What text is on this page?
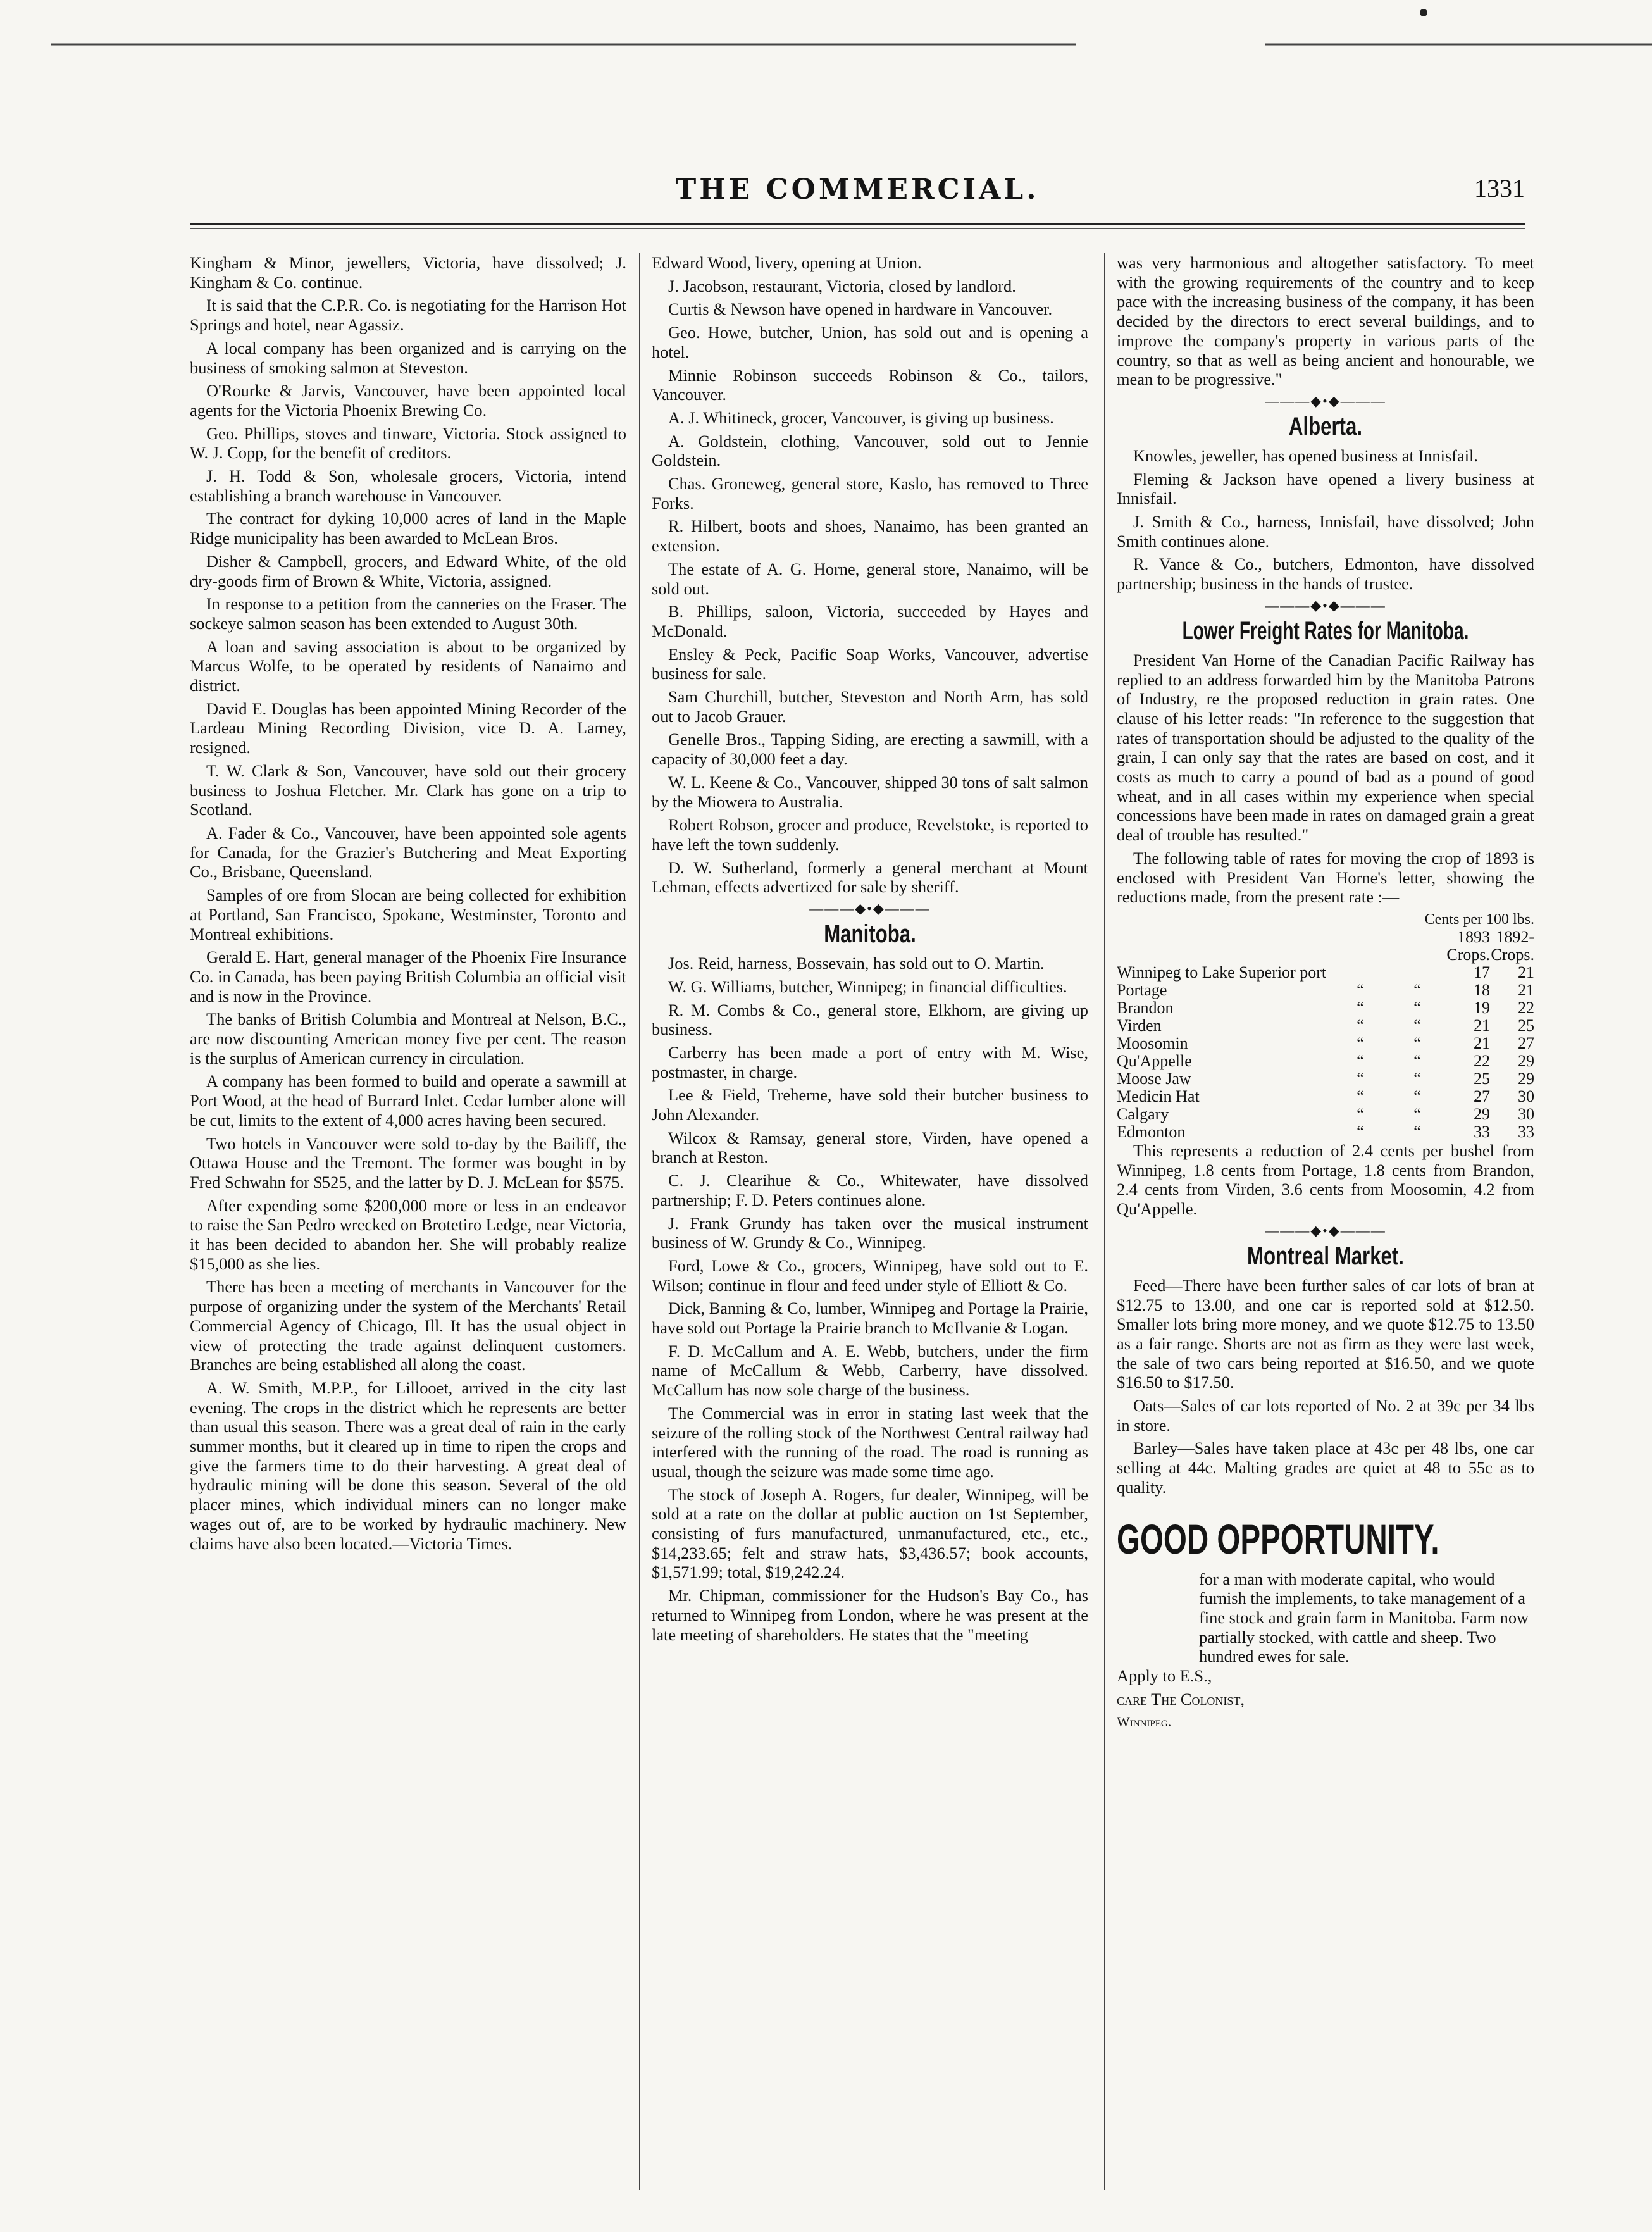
THE COMMERCIAL.	1331

Kingham & Minor, jewellers, Victoria, have dissolved; J. Kingham & Co. continue.

It is said that the C.P.R. Co. is negotiating for the Harrison Hot Springs and hotel, near Agassiz.

A local company has been organized and is carrying on the business of smoking salmon at Steveston.

O'Rourke & Jarvis, Vancouver, have been appointed local agents for the Victoria Phoenix Brewing Co.

Geo. Phillips, stoves and tinware, Victoria. Stock assigned to W. J. Copp, for the benefit of creditors.

J. H. Todd & Son, wholesale grocers, Victoria, intend establishing a branch warehouse in Vancouver.

The contract for dyking 10,000 acres of land in the Maple Ridge municipality has been awarded to McLean Bros.

Disher & Campbell, grocers, and Edward White, of the old dry-goods firm of Brown & White, Victoria, assigned.

In response to a petition from the canneries on the Fraser. The sockeye salmon season has been extended to August 30th.

A loan and saving association is about to be organized by Marcus Wolfe, to be operated by residents of Nanaimo and district.

David E. Douglas has been appointed Mining Recorder of the Lardeau Mining Recording Division, vice D. A. Lamey, resigned.

T. W. Clark & Son, Vancouver, have sold out their grocery business to Joshua Fletcher. Mr. Clark has gone on a trip to Scotland.

A. Fader & Co., Vancouver, have been appointed sole agents for Canada, for the Grazier's Butchering and Meat Exporting Co., Brisbane, Queensland.

Samples of ore from Slocan are being collected for exhibition at Portland, San Francisco, Spokane, Westminster, Toronto and Montreal exhibitions.

Gerald E. Hart, general manager of the Phoenix Fire Insurance Co. in Canada, has been paying British Columbia an official visit and is now in the Province.

The banks of British Columbia and Montreal at Nelson, B.C., are now discounting American money five per cent. The reason is the surplus of American currency in circulation.

A company has been formed to build and operate a sawmill at Port Wood, at the head of Burrard Inlet. Cedar lumber alone will be cut, limits to the extent of 4,000 acres having been secured.

Two hotels in Vancouver were sold to-day by the Bailiff, the Ottawa House and the Tremont. The former was bought in by Fred Schwahn for $525, and the latter by D. J. McLean for $575.

After expending some $200,000 more or less in an endeavor to raise the San Pedro wrecked on Brotetiro Ledge, near Victoria, it has been decided to abandon her. She will probably realize $15,000 as she lies.

There has been a meeting of merchants in Vancouver for the purpose of organizing under the system of the Merchants' Retail Commercial Agency of Chicago, Ill. It has the usual object in view of protecting the trade against delinquent customers. Branches are being established all along the coast.

A. W. Smith, M.P.P., for Lillooet, arrived in the city last evening. The crops in the district which he represents are better than usual this season. There was a great deal of rain in the early summer months, but it cleared up in time to ripen the crops and give the farmers time to do their harvesting. A great deal of hydraulic mining will be done this season. Several of the old placer mines, which individual miners can no longer make wages out of, are to be worked by hydraulic machinery. New claims have also been located.—Victoria Times.

Edward Wood, livery, opening at Union.

J. Jacobson, restaurant, Victoria, closed by landlord.

Curtis & Newson have opened in hardware in Vancouver.

Geo. Howe, butcher, Union, has sold out and is opening a hotel.

Minnie Robinson succeeds Robinson & Co., tailors, Vancouver.

A. J. Whitineck, grocer, Vancouver, is giving up business.

A. Goldstein, clothing, Vancouver, sold out to Jennie Goldstein.

Chas. Groneweg, general store, Kaslo, has removed to Three Forks.

R. Hilbert, boots and shoes, Nanaimo, has been granted an extension.

The estate of A. G. Horne, general store, Nanaimo, will be sold out.

B. Phillips, saloon, Victoria, succeeded by Hayes and McDonald.

Ensley & Peck, Pacific Soap Works, Vancouver, advertise business for sale.

Sam Churchill, butcher, Steveston and North Arm, has sold out to Jacob Grauer.

Genelle Bros., Tapping Siding, are erecting a sawmill, with a capacity of 30,000 feet a day.

W. L. Keene & Co., Vancouver, shipped 30 tons of salt salmon by the Miowera to Australia.

Robert Robson, grocer and produce, Revelstoke, is reported to have left the town suddenly.

D. W. Sutherland, formerly a general merchant at Mount Lehman, effects advertized for sale by sheriff.

———◆•◆———
Manitoba.

Jos. Reid, harness, Bossevain, has sold out to O. Martin.

W. G. Williams, butcher, Winnipeg; in financial difficulties.

R. M. Combs & Co., general store, Elkhorn, are giving up business.

Carberry has been made a port of entry with M. Wise, postmaster, in charge.

Lee & Field, Treherne, have sold their butcher business to John Alexander.

Wilcox & Ramsay, general store, Virden, have opened a branch at Reston.

C. J. Clearihue & Co., Whitewater, have dissolved partnership; F. D. Peters continues alone.

J. Frank Grundy has taken over the musical instrument business of W. Grundy & Co., Winnipeg.

Ford, Lowe & Co., grocers, Winnipeg, have sold out to E. Wilson; continue in flour and feed under style of Elliott & Co.

Dick, Banning & Co, lumber, Winnipeg and Portage la Prairie, have sold out Portage la Prairie branch to McIlvanie & Logan.

F. D. McCallum and A. E. Webb, butchers, under the firm name of McCallum & Webb, Carberry, have dissolved. McCallum has now sole charge of the business.

The Commercial was in error in stating last week that the seizure of the rolling stock of the Northwest Central railway had interfered with the running of the road. The road is running as usual, though the seizure was made some time ago.

The stock of Joseph A. Rogers, fur dealer, Winnipeg, will be sold at a rate on the dollar at public auction on 1st September, consisting of furs manufactured, unmanufactured, etc., etc., $14,233.65; felt and straw hats, $3,436.57; book accounts, $1,571.99; total, $19,242.24.

Mr. Chipman, commissioner for the Hudson's Bay Co., has returned to Winnipeg from London, where he was present at the late meeting of shareholders. He states that the "meeting

was very harmonious and altogether satisfactory. To meet with the growing requirements of the country and to keep pace with the increasing business of the company, it has been decided by the directors to erect several buildings, and to improve the company's property in various parts of the country, so that as well as being ancient and honourable, we mean to be progressive."

———◆•◆———
Alberta.

Knowles, jeweller, has opened business at Innisfail.

Fleming & Jackson have opened a livery business at Innisfail.

J. Smith & Co., harness, Innisfail, have dissolved; John Smith continues alone.

R. Vance & Co., butchers, Edmonton, have dissolved partnership; business in the hands of trustee.

———◆•◆———
Lower Freight Rates for Manitoba.

President Van Horne of the Canadian Pacific Railway has replied to an address forwarded him by the Manitoba Patrons of Industry, re the proposed reduction in grain rates. One clause of his letter reads: "In reference to the suggestion that rates of transportation should be adjusted to the quality of the grain, I can only say that the rates are based on cost, and it costs as much to carry a pound of bad as a pound of good wheat, and in all cases within my experience when special concessions have been made in rates on damaged grain a great deal of trouble has resulted."

The following table of rates for moving the crop of 1893 is enclosed with President Van Horne's letter, showing the reductions made, from the present rate :—

Cents per 100 lbs.
			1893	1892-
			Crops.	Crops.
Winnipeg to Lake Superior port			17	21
Portage	“	“	18	21
Brandon	“	“	19	22
Virden	“	“	21	25
Moosomin	“	“	21	27
Qu'Appelle	“	“	22	29
Moose Jaw	“	“	25	29
Medicin Hat	“	“	27	30
Calgary	“	“	29	30
Edmonton	“	“	33	33

This represents a reduction of 2.4 cents per bushel from Winnipeg, 1.8 cents from Portage, 1.8 cents from Brandon, 2.4 cents from Virden, 3.6 cents from Moosomin, 4.2 from Qu'Appelle.

———◆•◆———
Montreal Market.

Feed—There have been further sales of car lots of bran at $12.75 to 13.00, and one car is reported sold at $12.50. Smaller lots bring more money, and we quote $12.75 to 13.50 as a fair range. Shorts are not as firm as they were last week, the sale of two cars being reported at $16.50, and we quote $16.50 to $17.50.

Oats—Sales of car lots reported of No. 2 at 39c per 34 lbs in store.

Barley—Sales have taken place at 43c per 48 lbs, one car selling at 44c. Malting grades are quiet at 48 to 55c as to quality.

GOOD OPPORTUNITY.

for a man with moderate capital, who would furnish the implements, to take management of a fine stock and grain farm in Manitoba. Farm now partially stocked, with cattle and sheep. Two hundred ewes for sale.

Apply to E.S.,

care The Colonist,

Winnipeg.
